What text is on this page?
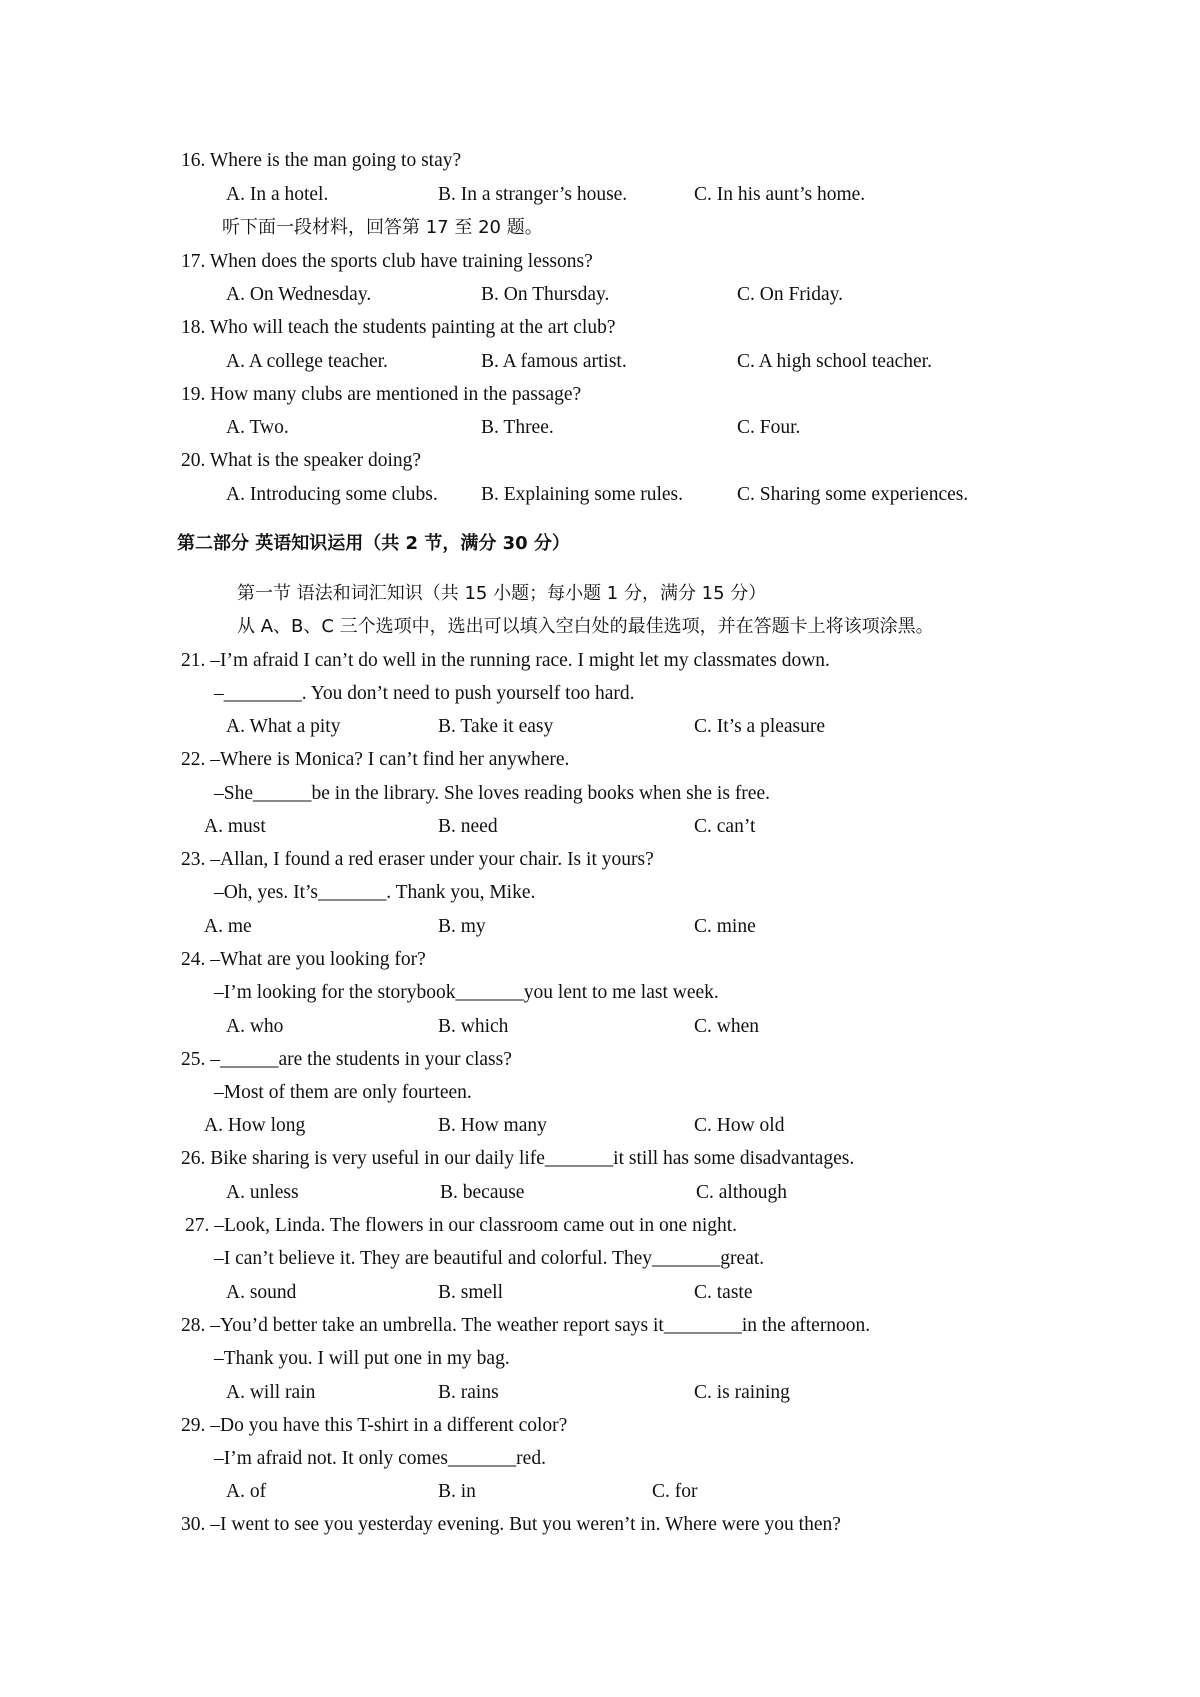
16. Where is the man going to stay?
A. In a hotel.	B. In a stranger’s house.	C. In his aunt’s home.
听下面一段材料，回答第 17 至 20 题。
17. When does the sports club have training lessons?
A. On Wednesday.	B. On Thursday.	C. On Friday.
18. Who will teach the students painting at the art club?
A. A college teacher.	B. A famous artist.	C. A high school teacher.
19. How many clubs are mentioned in the passage?
A. Two.	B. Three.	C. Four.
20. What is the speaker doing?
A. Introducing some clubs. B. Explaining some rules.	C. Sharing some experiences.
第二部分 英语知识运用（共 2 节，满分 30 分）
第一节 语法和词汇知识（共 15 小题；每小题 1 分，满分 15 分）
从 A、B、C 三个选项中，选出可以填入空白处的最佳选项，并在答题卡上将该项涂黑。
21. –I’m afraid I can’t do well in the running race. I might let my classmates down.
–________. You don’t need to push yourself too hard.
A. What a pity	B. Take it easy	C. It’s a pleasure
22. –Where is Monica? I can’t find her anywhere.
–She______be in the library. She loves reading books when she is free.
A. must	B. need	C. can’t
23. –Allan, I found a red eraser under your chair. Is it yours?
–Oh, yes. It’s_______. Thank you, Mike.
A. me	B. my	C. mine
24. –What are you looking for?
–I’m looking for the storybook_______you lent to me last week.
A. who	B. which	C. when
25. –______are the students in your class?
–Most of them are only fourteen.
A. How long	B. How many	C. How old
26. Bike sharing is very useful in our daily life_______it still has some disadvantages.
A. unless	B. because	C. although
27. –Look, Linda. The flowers in our classroom came out in one night.
–I can’t believe it. They are beautiful and colorful. They_______great.
A. sound	B. smell	C. taste
28. –You’d better take an umbrella. The weather report says it________in the afternoon.
–Thank you. I will put one in my bag.
A. will rain	B. rains	C. is raining
29. –Do you have this T-shirt in a different color?
–I’m afraid not. It only comes_______red.
A. of	B. in	C. for
30. –I went to see you yesterday evening. But you weren’t in. Where were you then?
